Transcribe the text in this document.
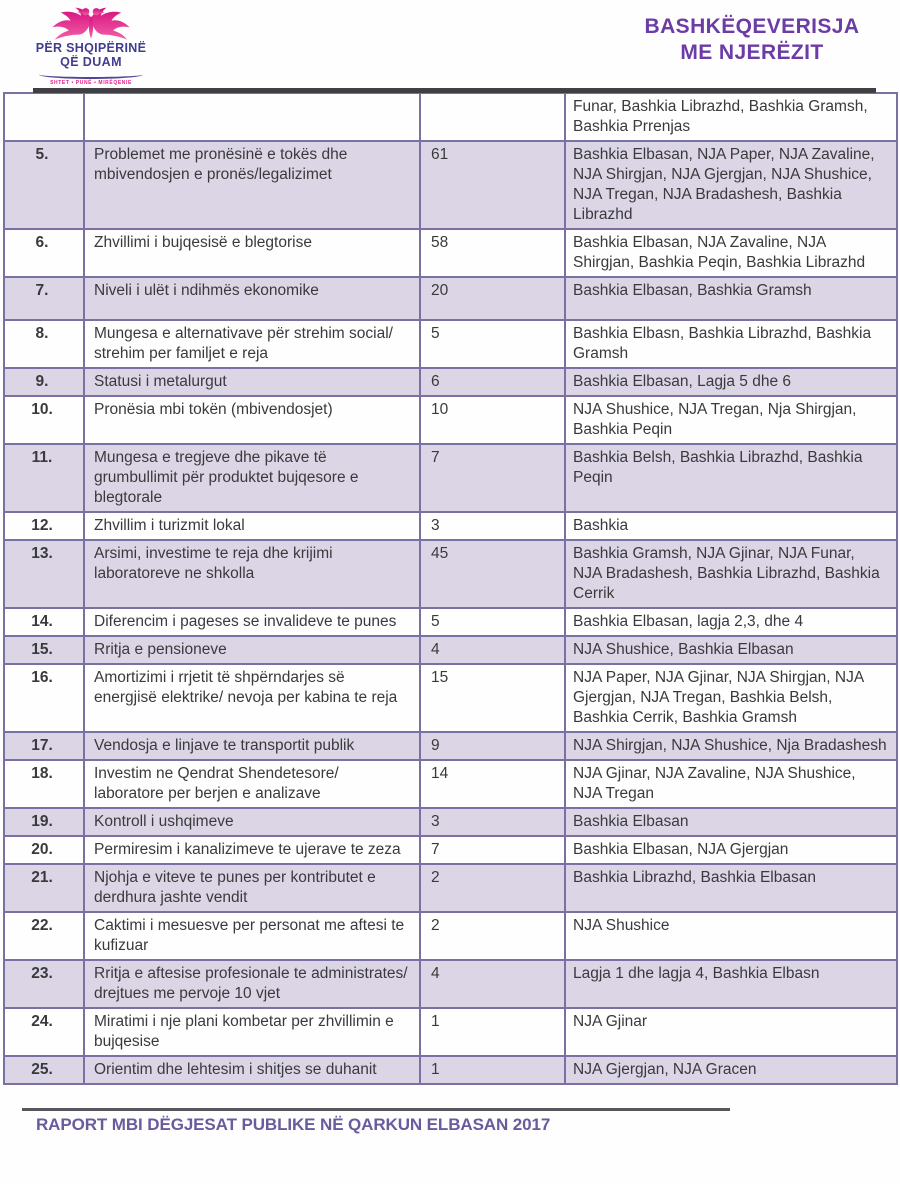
PËR SHQIPËRINË
QË DUAM
SHTET • PUNË • MIRËQENIE
BASHKËQEVERISJA
ME NJERËZIT
			Funar, Bashkia Librazhd, Bashkia Gramsh, Bashkia Prrenjas
5.	Problemet me pronësinë e tokës dhe mbivendosjen e pronës/legalizimet	61	Bashkia Elbasan, NJA Paper, NJA Zavaline, NJA Shirgjan, NJA Gjergjan, NJA Shushice, NJA Tregan, NJA Bradashesh, Bashkia Librazhd
6.	Zhvillimi i bujqesisë e blegtorise	58	Bashkia Elbasan, NJA Zavaline, NJA Shirgjan, Bashkia Peqin, Bashkia Librazhd
7.	Niveli i ulët i ndihmës ekonomike	20	Bashkia Elbasan, Bashkia Gramsh
8.	Mungesa e alternativave për strehim social/ strehim per familjet e reja	5	Bashkia Elbasn, Bashkia Librazhd, Bashkia Gramsh
9.	Statusi i metalurgut	6	Bashkia Elbasan, Lagja 5 dhe 6
10.	Pronësia mbi tokën (mbivendosjet)	10	NJA Shushice, NJA Tregan, Nja Shirgjan, Bashkia Peqin
11.	Mungesa e tregjeve dhe pikave të grumbullimit për produktet bujqesore e blegtorale	7	Bashkia Belsh, Bashkia Librazhd, Bashkia Peqin
12.	Zhvillim i turizmit lokal	3	Bashkia
13.	Arsimi, investime te reja dhe krijimi laboratoreve ne shkolla	45	Bashkia Gramsh, NJA Gjinar, NJA Funar, NJA Bradashesh, Bashkia Librazhd, Bashkia Cerrik
14.	Diferencim i pageses se invalideve te punes	5	Bashkia Elbasan, lagja 2,3, dhe 4
15.	Rritja e pensioneve	4	NJA Shushice, Bashkia Elbasan
16.	Amortizimi i rrjetit të shpërndarjes së energjisë elektrike/ nevoja per kabina te reja	15	NJA Paper, NJA Gjinar, NJA Shirgjan, NJA Gjergjan, NJA Tregan, Bashkia Belsh, Bashkia Cerrik, Bashkia Gramsh
17.	Vendosja e linjave te transportit publik	9	NJA Shirgjan, NJA Shushice, Nja Bradashesh
18.	Investim ne Qendrat Shendetesore/ laboratore per berjen e analizave	14	NJA Gjinar, NJA Zavaline, NJA Shushice, NJA Tregan
19.	Kontroll i ushqimeve	3	Bashkia Elbasan
20.	Permiresim i kanalizimeve te ujerave te zeza	7	Bashkia Elbasan, NJA Gjergjan
21.	Njohja e viteve te punes per kontributet e derdhura jashte vendit	2	Bashkia Librazhd, Bashkia Elbasan
22.	Caktimi i mesuesve per personat me aftesi te kufizuar	2	NJA Shushice
23.	Rritja e aftesise profesionale te administrates/ drejtues me pervoje 10 vjet	4	Lagja 1 dhe lagja 4, Bashkia Elbasn
24.	Miratimi i nje plani kombetar per zhvillimin e bujqesise	1	NJA Gjinar
25.	Orientim dhe lehtesim i shitjes se duhanit	1	NJA Gjergjan, NJA Gracen
RAPORT MBI DËGJESAT PUBLIKE NË QARKUN ELBASAN 2017
